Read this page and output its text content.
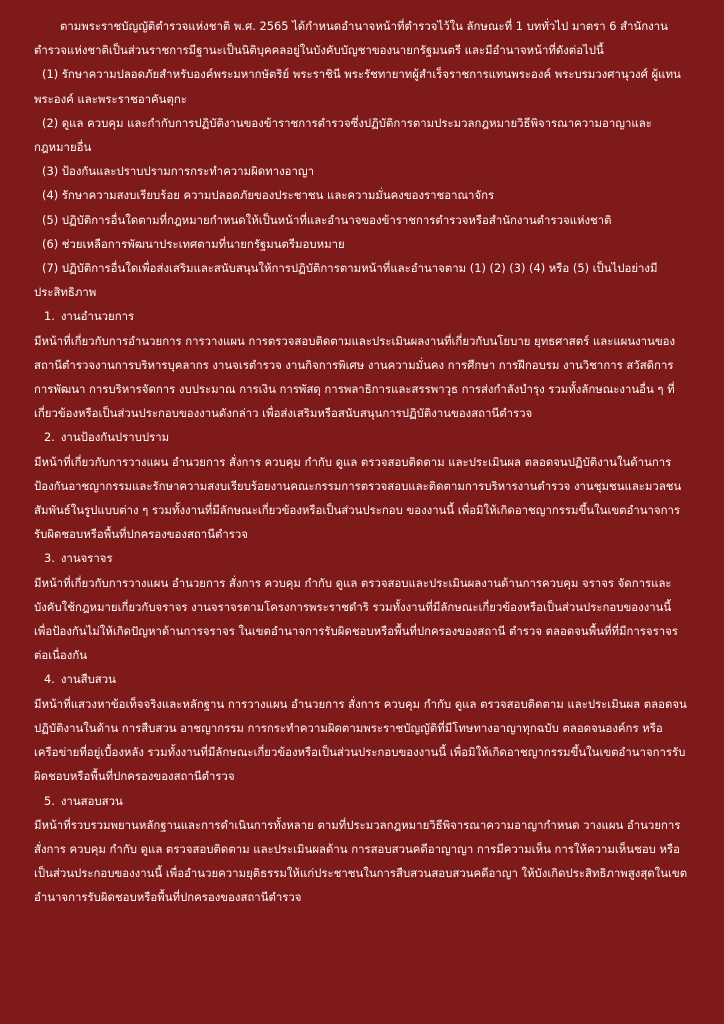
ตามพระราชบัญญัติตำรวจแห่งชาติ พ.ศ. 2565 ได้กำหนดอำนาจหน้าที่ตำรวจไว้ใน ลักษณะที่ 1 บททั่วไป มาตรา 6 สำนักงานตำรวจแห่งชาติเป็นส่วนราชการมีฐานะเป็นนิติบุคคลอยู่ในบังคับบัญชาของนายกรัฐมนตรี และมีอำนาจหน้าที่ดังต่อไปนี้

(1) รักษาความปลอดภัยสำหรับองค์พระมหากษัตริย์ พระราชินี พระรัชทายาทผู้สำเร็จราชการแทนพระองค์ พระบรมวงศานุวงศ์ ผู้แทนพระองค์ และพระราชอาคันตุกะ

(2) ดูแล ควบคุม และกำกับการปฏิบัติงานของข้าราชการตำรวจซึ่งปฏิบัติการตามประมวลกฎหมายวิธีพิจารณาความอาญาและกฎหมายอื่น

(3) ป้องกันและปราบปรามการกระทำความผิดทางอาญา

(4) รักษาความสงบเรียบร้อย ความปลอดภัยของประชาชน และความมั่นคงของราชอาณาจักร

(5) ปฏิบัติการอื่นใดตามที่กฎหมายกำหนดให้เป็นหน้าที่และอำนาจของข้าราชการตำรวจหรือสำนักงานตำรวจแห่งชาติ

(6) ช่วยเหลือการพัฒนาประเทศตามที่นายกรัฐมนตรีมอบหมาย

(7) ปฏิบัติการอื่นใดเพื่อส่งเสริมและสนับสนุนให้การปฏิบัติการตามหน้าที่และอำนาจตาม (1) (2) (3) (4) หรือ (5) เป็นไปอย่างมีประสิทธิภาพ

1. งานอำนวยการ

มีหน้าที่เกี่ยวกับการอำนวยการ การวางแผน การตรวจสอบติดตามและประเมินผลงานที่เกี่ยวกับนโยบาย ยุทธศาสตร์ และแผนงานของสถานีตำรวจงานการบริหารบุคลากร งานจเรตำรวจ งานกิจการพิเศษ งานความมั่นคง การศึกษา การฝึกอบรม งานวิชาการ สวัสดิการ การพัฒนา การบริหารจัดการ งบประมาณ การเงิน การพัสดุ การพลาธิการและสรรพาวุธ การส่งกำลังบำรุง รวมทั้งลักษณะงานอื่น ๆ ที่เกี่ยวข้องหรือเป็นส่วนประกอบของงานดังกล่าว เพื่อส่งเสริมหรือสนับสนุนการปฏิบัติงานของสถานีตำรวจ

2. งานป้องกันปราบปราม

มีหน้าที่เกี่ยวกับการวางแผน อำนวยการ สั่งการ ควบคุม กำกับ ดูแล ตรวจสอบติดตาม และประเมินผล ตลอดจนปฏิบัติงานในด้านการป้องกันอาชญากรรมและรักษาความสงบเรียบร้อยงานคณะกรรมการตรวจสอบและติดตามการบริหารงานตำรวจ งานชุมชนและมวลชนสัมพันธ์ในรูปแบบต่าง ๆ รวมทั้งงานที่มีลักษณะเกี่ยวข้องหรือเป็นส่วนประกอบ ของงานนี้ เพื่อมิให้เกิดอาชญากรรมขึ้นในเขตอำนาจการรับผิดชอบหรือพื้นที่ปกครองของสถานีตำรวจ

3. งานจราจร

มีหน้าที่เกี่ยวกับการวางแผน อำนวยการ สั่งการ ควบคุม กำกับ ดูแล ตรวจสอบและประเมินผลงานด้านการควบคุม จราจร จัดการและบังคับใช้กฎหมายเกี่ยวกับจราจร งานจราจรตามโครงการพระราชดำริ รวมทั้งงานที่มีลักษณะเกี่ยวข้องหรือเป็นส่วนประกอบของงานนี้ เพื่อป้องกันไม่ให้เกิดปัญหาด้านการจราจร ในเขตอำนาจการรับผิดชอบหรือพื้นที่ปกครองของสถานี ตำรวจ ตลอดจนพื้นที่ที่มีการจราจรต่อเนื่องกัน

4. งานสืบสวน

มีหน้าที่แสวงหาข้อเท็จจริงและหลักฐาน การวางแผน อำนวยการ สั่งการ ควบคุม กำกับ ดูแล ตรวจสอบติดตาม และประเมินผล ตลอดจน ปฏิบัติงานในด้าน การสืบสวน อาชญากรรม การกระทำความผิดตามพระราชบัญญัติที่มีโทษทางอาญาทุกฉบับ ตลอดจนองค์กร หรือ เครือข่ายที่อยู่เบื้องหลัง รวมทั้งงานที่มีลักษณะเกี่ยวข้องหรือเป็นส่วนประกอบของงานนี้ เพื่อมิให้เกิดอาชญากรรมขึ้นในเขตอำนาจการรับผิดชอบหรือพื้นที่ปกครองของสถานีตำรวจ

5. งานสอบสวน

มีหน้าที่รวบรวมพยานหลักฐานและการดำเนินการทั้งหลาย ตามที่ประมวลกฎหมายวิธีพิจารณาความอาญากำหนด วางแผน อำนวยการ สั่งการ ควบคุม กำกับ ดูแล ตรวจสอบติดตาม และประเมินผลด้าน การสอบสวนคดีอาญาญา การมีความเห็น การให้ความเห็นชอบ หรือเป็นส่วนประกอบของงานนี้ เพื่ออำนวยความยุติธรรมให้แก่ประชาชนในการสืบสวนสอบสวนคดีอาญา ให้บังเกิดประสิทธิภาพสูงสุดในเขตอำนาจการรับผิดชอบหรือพื้นที่ปกครองของสถานีตำรวจ
